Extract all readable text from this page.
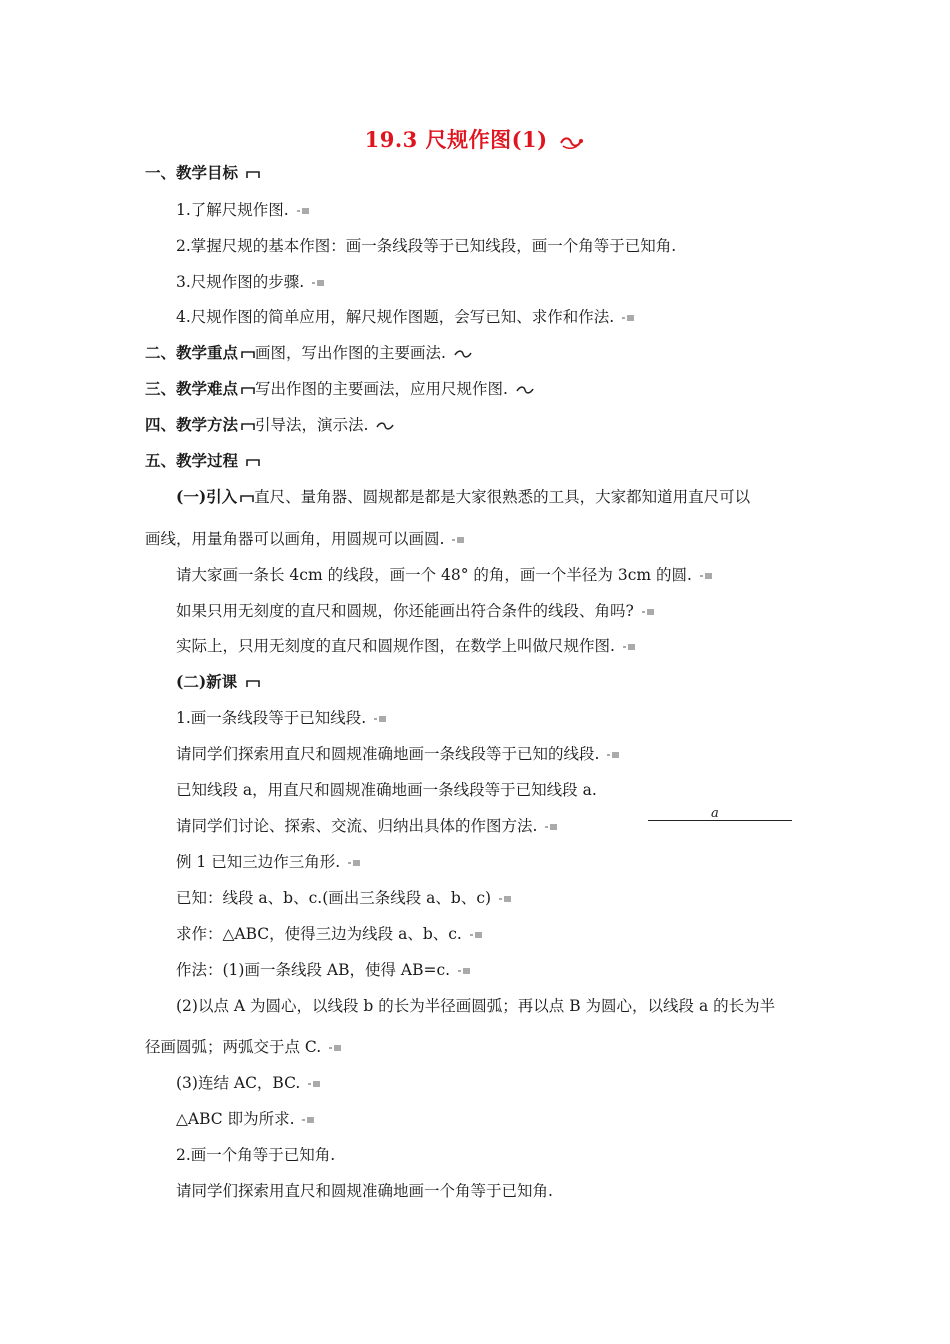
19.3 尺规作图(1)
一、教学目标
1.了解尺规作图.
2.掌握尺规的基本作图：画一条线段等于已知线段，画一个角等于已知角.
3.尺规作图的步骤.
4.尺规作图的简单应用，解尺规作图题，会写已知、求作和作法.
二、教学重点 画图，写出作图的主要画法.
三、教学难点 写出作图的主要画法，应用尺规作图.
四、教学方法 引导法，演示法.
五、教学过程
(一)引入 直尺、量角器、圆规都是都是大家很熟悉的工具，大家都知道用直尺可以
画线，用量角器可以画角，用圆规可以画圆.
请大家画一条长 4cm 的线段，画一个 48° 的角，画一个半径为 3cm 的圆.
如果只用无刻度的直尺和圆规，你还能画出符合条件的线段、角吗?
实际上，只用无刻度的直尺和圆规作图，在数学上叫做尺规作图.
(二)新课
1.画一条线段等于已知线段.
请同学们探索用直尺和圆规准确地画一条线段等于已知的线段.
已知线段 a，用直尺和圆规准确地画一条线段等于已知线段 a.
请同学们讨论、探索、交流、归纳出具体的作图方法.
a
例 1 已知三边作三角形.
已知：线段 a、b、c.(画出三条线段 a、b、c)
求作：△ABC，使得三边为线段 a、b、c.
作法：(1)画一条线段 AB，使得 AB=c.
(2)以点 A 为圆心，以线段 b 的长为半径画圆弧；再以点 B 为圆心，以线段 a 的长为半
径画圆弧；两弧交于点 C.
(3)连结 AC，BC.
△ABC 即为所求.
2.画一个角等于已知角.
请同学们探索用直尺和圆规准确地画一个角等于已知角.
